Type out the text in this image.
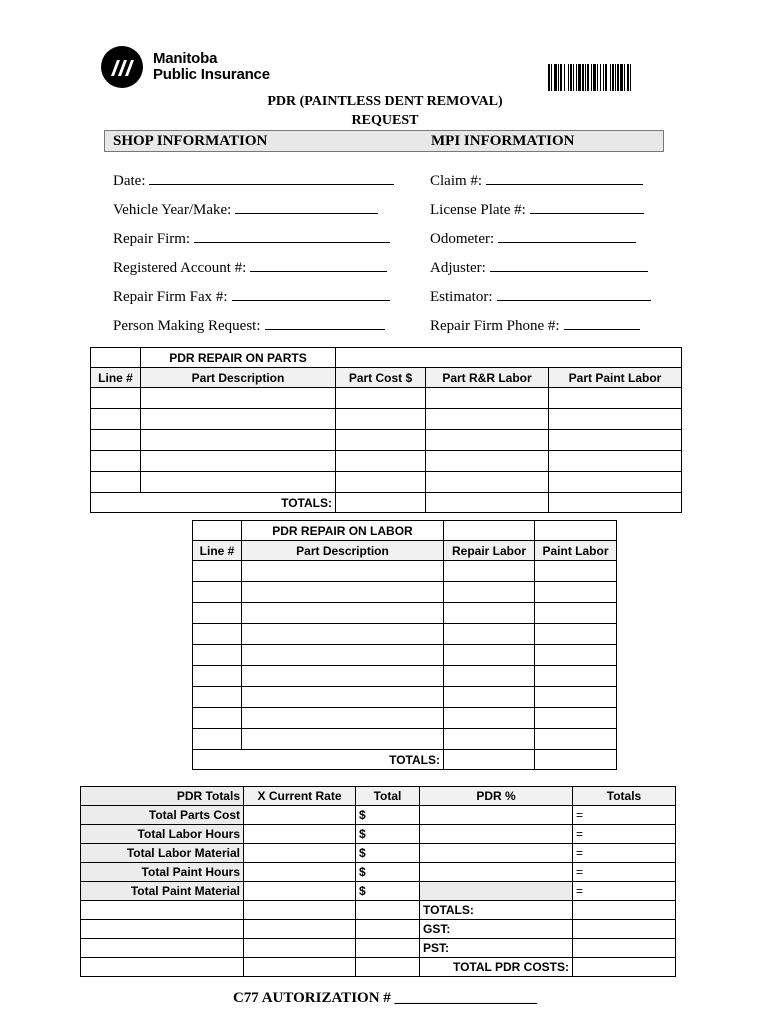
Manitoba
Public Insurance
PDR (PAINTLESS DENT REMOVAL)
REQUEST
SHOP INFORMATION	MPI INFORMATION
Date:
Vehicle Year/Make:
Repair Firm:
Registered Account #:
Repair Firm Fax #:
Person Making Request:
Claim #:
License Plate #:
Odometer:
Adjuster:
Estimator:
Repair Firm Phone #:
	PDR REPAIR ON PARTS			
Line #	Part Description	Part Cost $	Part R&R Labor	Part Paint Labor

TOTALS:				
	PDR REPAIR ON LABOR		
Line #	Part Description	Repair Labor	Paint Labor

TOTALS:			
PDR Totals	X Current Rate	Total	PDR %	Totals
Total Parts Cost		$		=
Total Labor Hours		$		=
Total Labor Material		$		=
Total Paint Hours		$		=
Total Paint Material		$		=
			TOTALS:	
			GST:	
			PST:	
			TOTAL PDR COSTS:	
C77 AUTORIZATION # ___________________
